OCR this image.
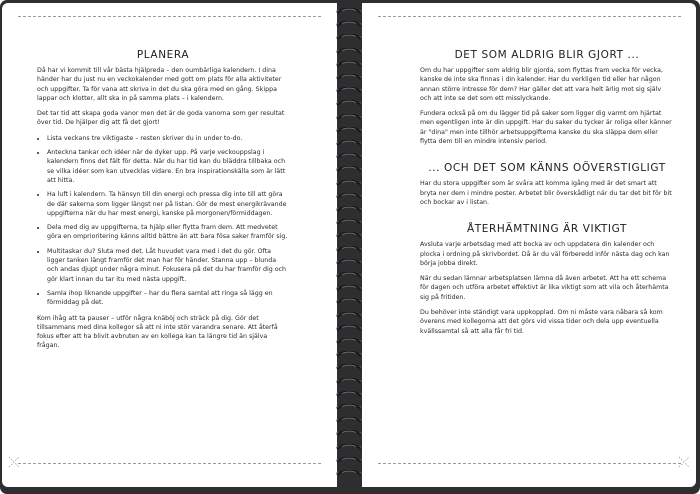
PLANERA

Då har vi kommit till vår bästa hjälpreda – den oumbärliga kalendern. I dina händer har du just nu en veckokalender med gott om plats för alla aktiviteter och uppgifter. Ta för vana att skriva in det du ska göra med en gång. Skippa lappar och klotter, allt ska in på samma plats – i kalendern.

Det tar tid att skapa goda vanor men det är de goda vanorna som ger resultat över tid. De hjälper dig att få det gjort!

• Lista veckans tre viktigaste – resten skriver du in under to-do.
• Anteckna tankar och idéer när de dyker upp. På varje veckouppslag i kalendern finns det fält för detta. När du har tid kan du bläddra tillbaka och se vilka idéer som kan utvecklas vidare. En bra inspirationskälla som är lätt att hitta.
• Ha luft i kalendern. Ta hänsyn till din energi och pressa dig inte till att göra de där sakerna som ligger längst ner på listan. Gör de mest energikrävande uppgifterna när du har mest energi, kanske på morgonen/förmiddagen.
• Dela med dig av uppgifterna, ta hjälp eller flytta fram dem. Att medvetet göra en omprioritering känns alltid bättre än att bara fösa saker framför sig.
• Multitaskar du? Sluta med det. Låt huvudet vara med i det du gör. Ofta ligger tanken längt framför det man har för händer. Stanna upp – blunda och andas djupt under några minut. Fokusera på det du har framför dig och gör klart innan du tar itu med nästa uppgift.
• Samla ihop liknande uppgifter – har du flera samtal att ringa så lägg en förmiddag på det.

Kom ihåg att ta pauser – utför några knäböj och sträck på dig. Gör det tillsammans med dina kollegor så att ni inte stör varandra senare. Att återfå fokus efter att ha blivit avbruten av en kollega kan ta längre tid än själva frågan.

DET SOM ALDRIG BLIR GJORT ...

Om du har uppgifter som aldrig blir gjorda, som flyttas fram vecka för vecka, kanske de inte ska finnas i din kalender. Har du verkligen tid eller har någon annan större intresse för dem? Har gäller det att vara helt ärlig mot sig själv och att inte se det som ett misslyckande.

Fundera också på om du lägger tid på saker som ligger dig varmt om hjärtat men egentligen inte är din uppgift. Har du saker du tycker är roliga eller känner är "dina" men inte tillhör arbetsuppgifterna kanske du ska släppa dem eller flytta dem till en mindre intensiv period.

... OCH DET SOM KÄNNS OÖVERSTIGLIGT

Har du stora uppgifter som är svåra att komma igång med är det smart att bryta ner dem i mindre poster. Arbetet blir överskådligt när du tar det bit för bit och bockar av i listan.

ÅTERHÄMTNING ÄR VIKTIGT

Avsluta varje arbetsdag med att bocka av och uppdatera din kalender och plocka i ordning på skrivbordet. Då är du väl förberedd inför nästa dag och kan börja jobba direkt.

När du sedan lämnar arbetsplatsen lämna då även arbetet. Att ha ett schema för dagen och utföra arbetet effektivt är lika viktigt som att vila och återhämta sig på fritiden.

Du behöver inte ständigt vara uppkopplad. Om ni måste vara nåbara så kom överens med kollegorna att det görs vid vissa tider och dela upp eventuella kvällssamtal så att alla får fri tid.
